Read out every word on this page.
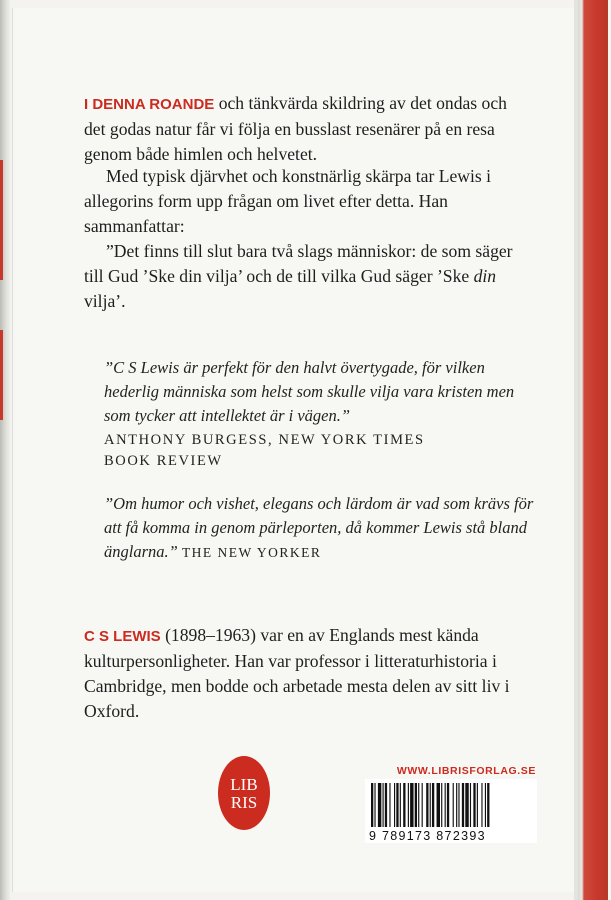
I DENNA ROANDE och tänkvärda skildring av det ondas och det godas natur får vi följa en busslast resenärer på en resa genom både himlen och helvetet.
Med typisk djärvhet och konstnärlig skärpa tar Lewis i allegorins form upp frågan om livet efter detta. Han sammanfattar:
”Det finns till slut bara två slags människor: de som säger till Gud ’Ske din vilja’ och de till vilka Gud säger ’Ske din vilja’.
”C S Lewis är perfekt för den halvt övertygade, för vilken hederlig människa som helst som skulle vilja vara kristen men som tycker att intellektet är i vägen.”
ANTHONY BURGESS, NEW YORK TIMES
BOOK REVIEW
”Om humor och vishet, elegans och lärdom är vad som krävs för att få komma in genom pärleporten, då kommer Lewis stå bland änglarna.” THE NEW YORKER
C S LEWIS (1898–1963) var en av Englands mest kända kulturpersonligheter. Han var professor i litteraturhistoria i Cambridge, men bodde och arbetade mesta delen av sitt liv i Oxford.
LIB
RIS
WWW.LIBRISFORLAG.SE
9 789173 872393
